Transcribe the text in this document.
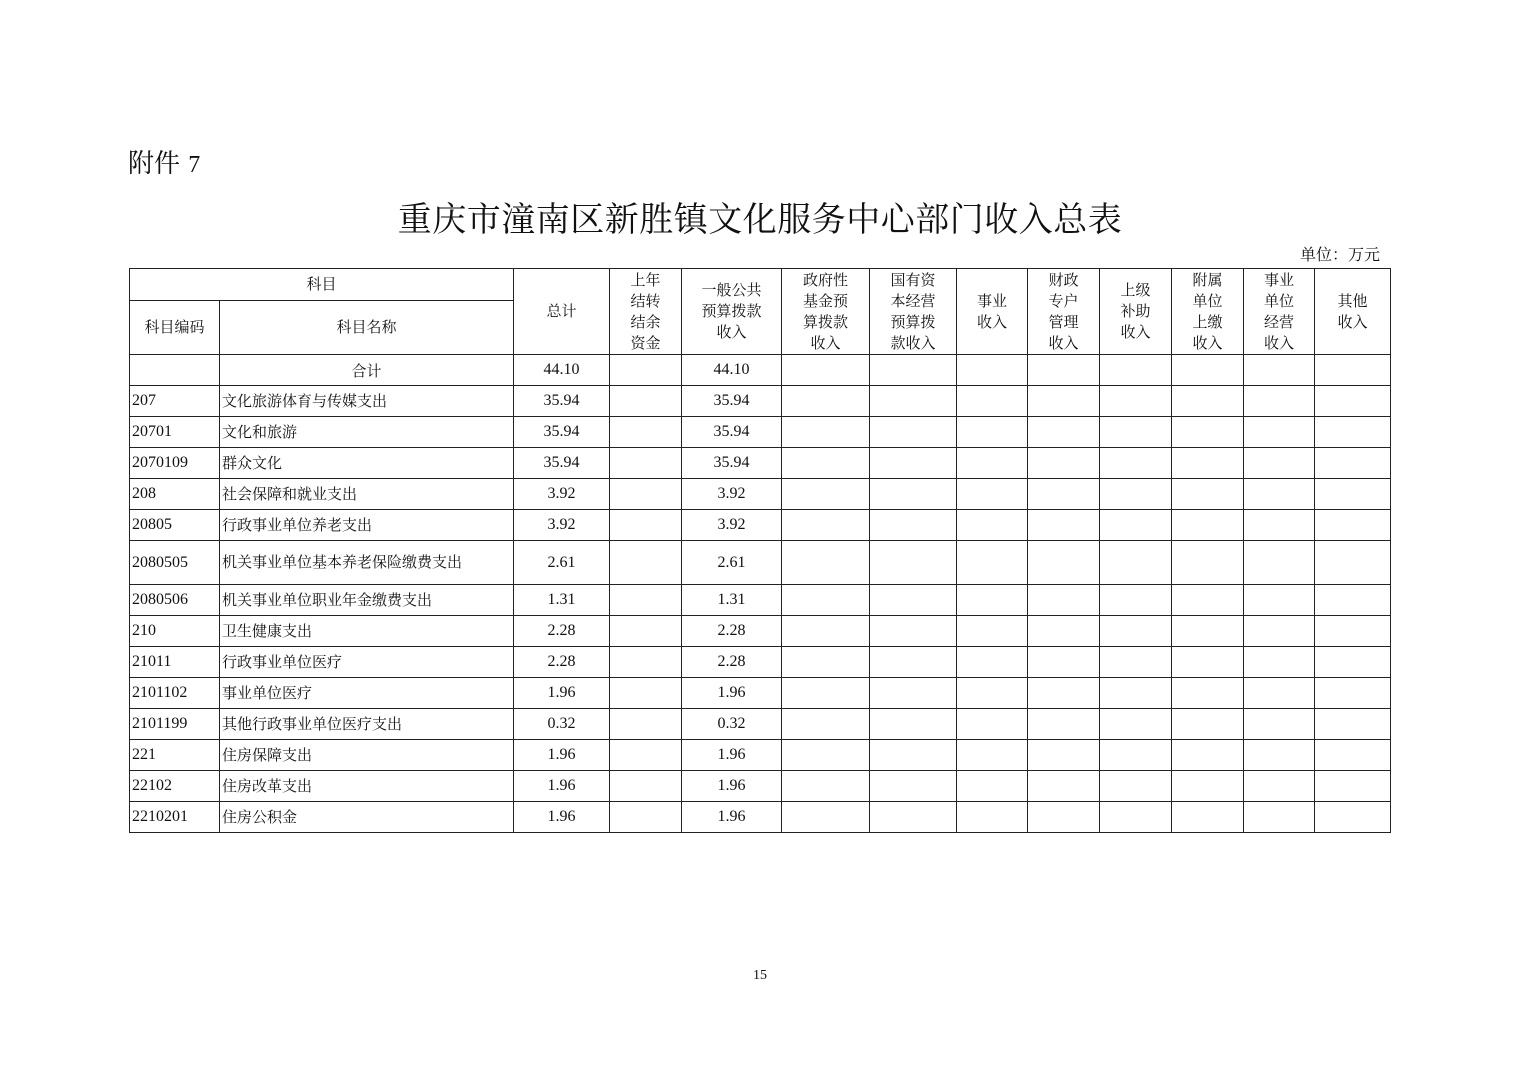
附件 7
重庆市潼南区新胜镇文化服务中心部门收入总表
单位：万元
科目		总计	上年结转结余资金	一般公共预算拨款收入	政府性基金预算拨款收入	国有资本经营预算拨款收入	事业收入	财政专户管理收入	上级补助收入	附属单位上缴收入	事业单位经营收入	其他收入

科目编码	科目名称											
	合计	44.10		44.10								
207	文化旅游体育与传媒支出	35.94		35.94								
20701	文化和旅游	35.94		35.94								
2070109	群众文化	35.94		35.94								
208	社会保障和就业支出	3.92		3.92								
20805	行政事业单位养老支出	3.92		3.92								
2080505	机关事业单位基本养老保险缴费支出	2.61		2.61								
2080506	机关事业单位职业年金缴费支出	1.31		1.31								
210	卫生健康支出	2.28		2.28								
21011	行政事业单位医疗	2.28		2.28								
2101102	事业单位医疗	1.96		1.96								
2101199	其他行政事业单位医疗支出	0.32		0.32								
221	住房保障支出	1.96		1.96								
22102	住房改革支出	1.96		1.96								
2210201	住房公积金	1.96		1.96								
15
